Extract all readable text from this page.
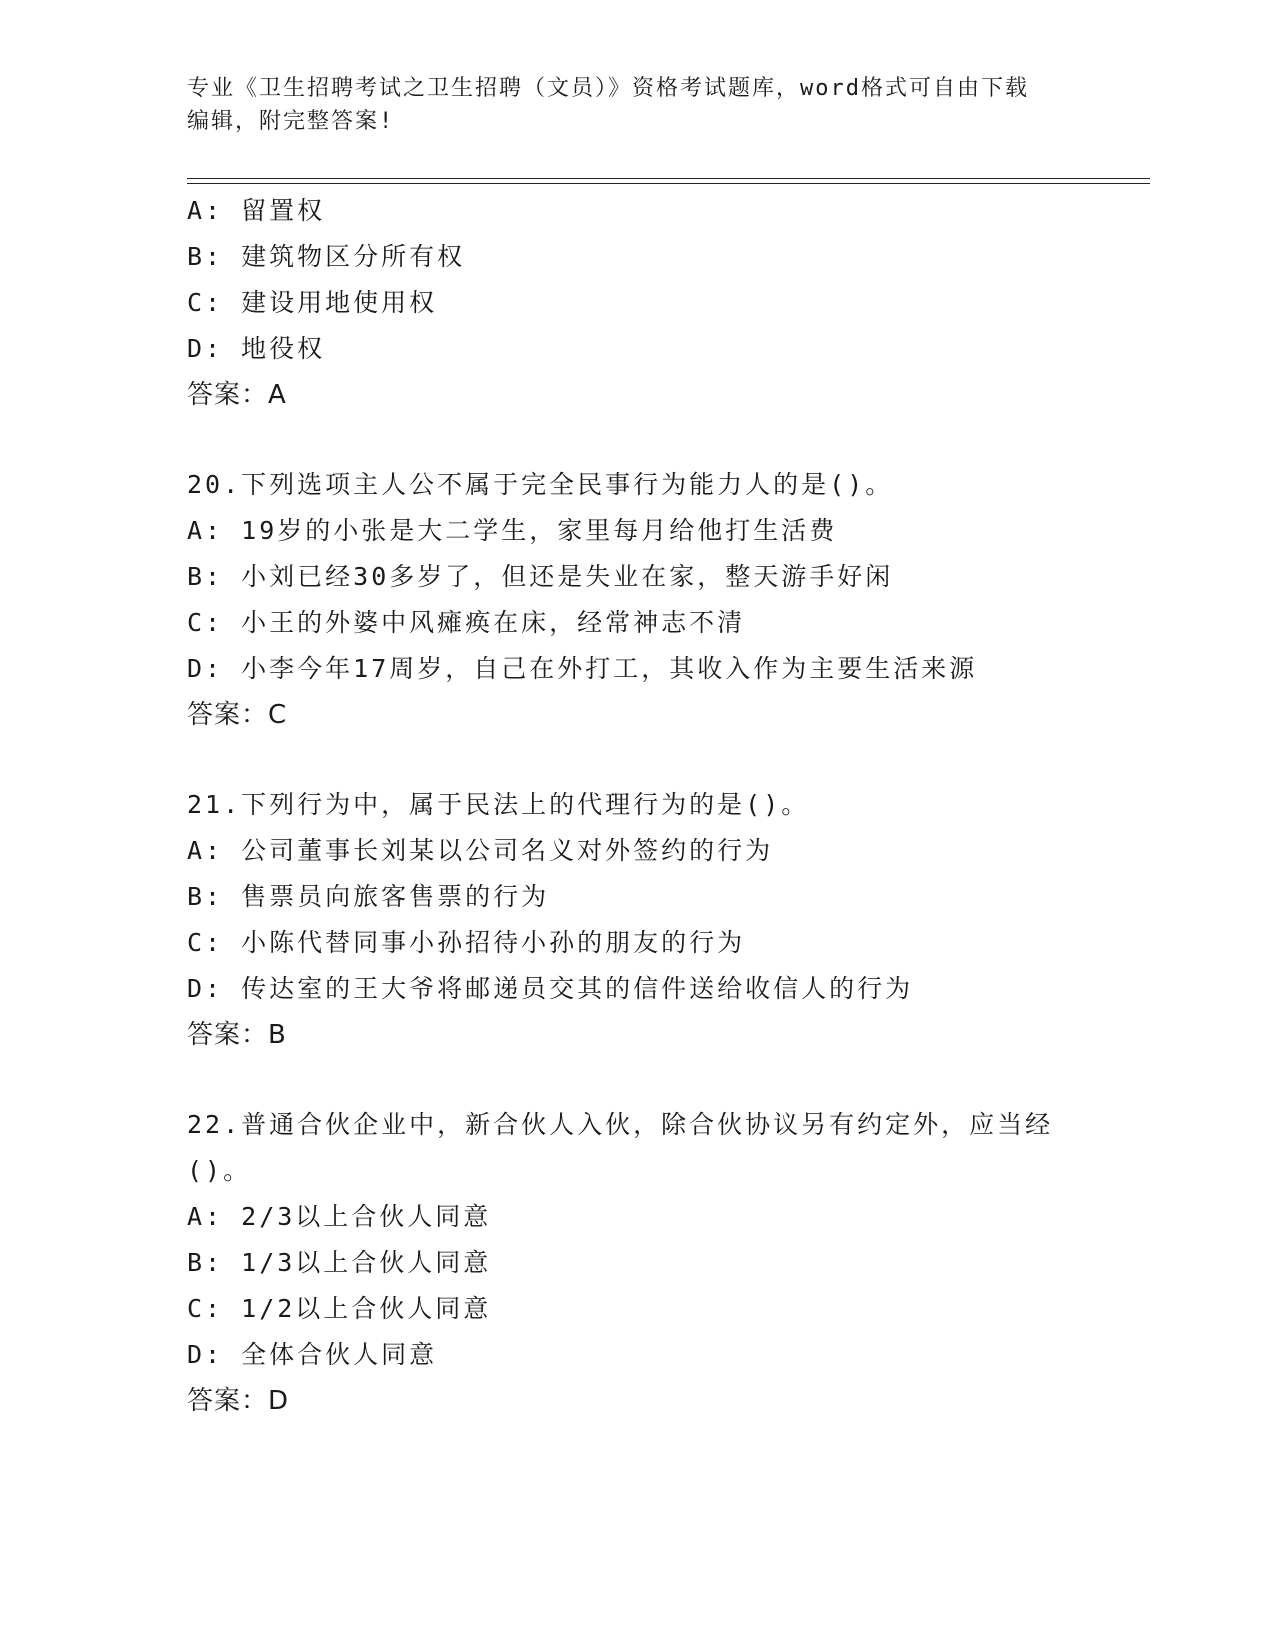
专业《卫生招聘考试之卫生招聘（文员）》资格考试题库，word格式可自由下载
编辑，附完整答案!
A: 留置权
B: 建筑物区分所有权
C: 建设用地使用权
D: 地役权
答案：A
20.下列选项主人公不属于完全民事行为能力人的是()。
A: 19岁的小张是大二学生，家里每月给他打生活费
B: 小刘已经30多岁了，但还是失业在家，整天游手好闲
C: 小王的外婆中风瘫痪在床，经常神志不清
D: 小李今年17周岁，自己在外打工，其收入作为主要生活来源
答案：C
21.下列行为中，属于民法上的代理行为的是()。
A: 公司董事长刘某以公司名义对外签约的行为
B: 售票员向旅客售票的行为
C: 小陈代替同事小孙招待小孙的朋友的行为
D: 传达室的王大爷将邮递员交其的信件送给收信人的行为
答案：B
22.普通合伙企业中，新合伙人入伙，除合伙协议另有约定外，应当经
()。
A: 2/3以上合伙人同意
B: 1/3以上合伙人同意
C: 1/2以上合伙人同意
D: 全体合伙人同意
答案：D
